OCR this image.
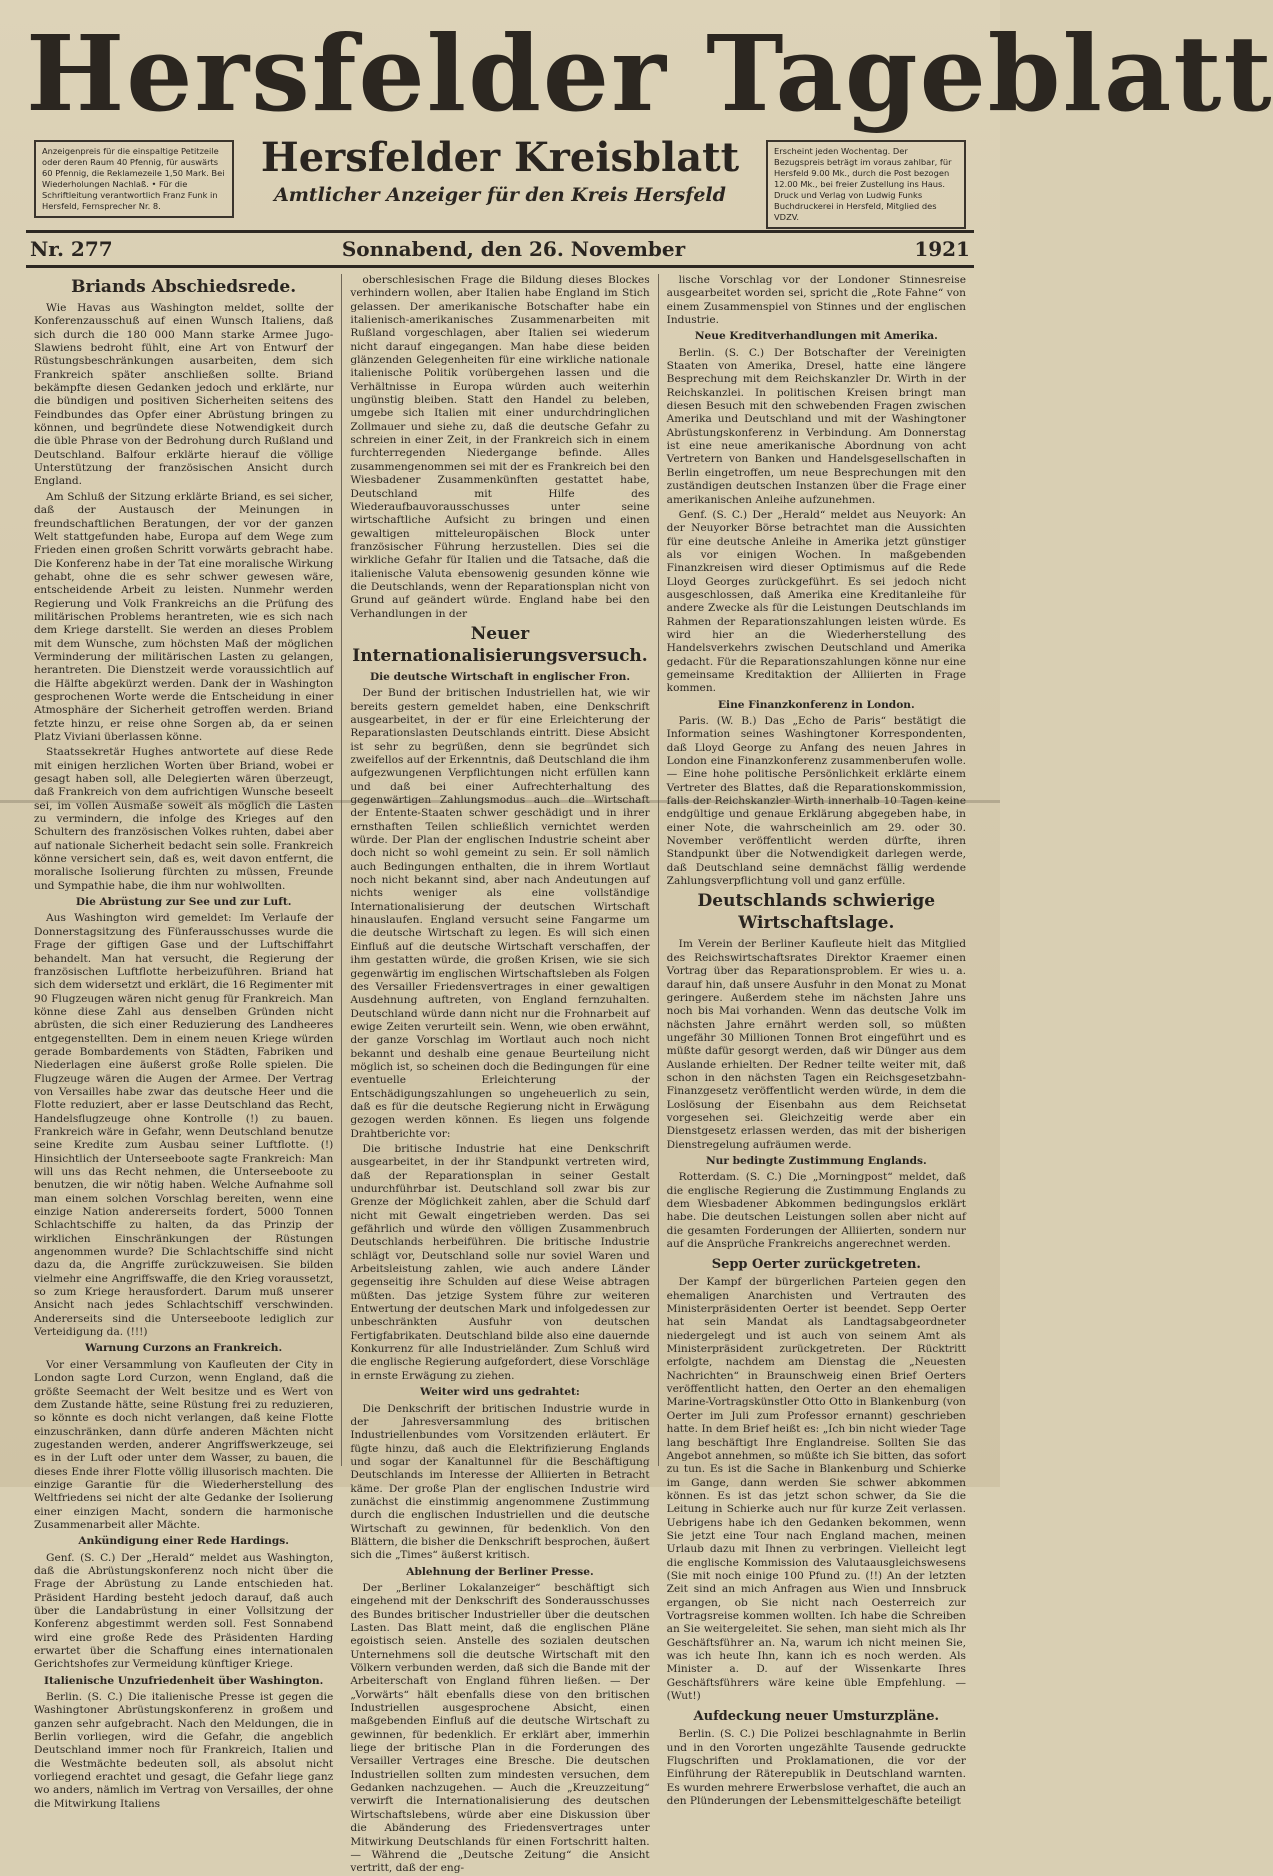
Hersfelder Tageblatt
Anzeigenpreis für die einspaltige Petitzeile oder deren Raum 40 Pfennig, für auswärts 60 Pfennig, die Reklamezeile 1,50 Mark. Bei Wiederholungen Nachlaß. • Für die Schriftleitung verantwortlich Franz Funk in Hersfeld, Fernsprecher Nr. 8.
Hersfelder Kreisblatt
Amtlicher Anzeiger für den Kreis Hersfeld
Erscheint jeden Wochentag. Der Bezugspreis beträgt im voraus zahlbar, für Hersfeld 9.00 Mk., durch die Post bezogen 12.00 Mk., bei freier Zustellung ins Haus. Druck und Verlag von Ludwig Funks Buchdruckerei in Hersfeld, Mitglied des VDZV.
Nr. 277	Sonnabend, den 26. November	1921
Briands Abschiedsrede.

Wie Havas aus Washington meldet, sollte der Konferenzausschuß auf einen Wunsch Italiens, daß sich durch die 180 000 Mann starke Armee Jugo-Slawiens bedroht fühlt, eine Art von Entwurf der Rüstungsbeschränkungen ausarbeiten, dem sich Frankreich später anschließen sollte. Briand bekämpfte diesen Gedanken jedoch und erklärte, nur die bündigen und positiven Sicherheiten seitens des Feindbundes das Opfer einer Abrüstung bringen zu können, und begründete diese Notwendigkeit durch die üble Phrase von der Bedrohung durch Rußland und Deutschland. Balfour erklärte hierauf die völlige Unterstützung der französischen Ansicht durch England.

Am Schluß der Sitzung erklärte Briand, es sei sicher, daß der Austausch der Meinungen in freundschaftlichen Beratungen, der vor der ganzen Welt stattgefunden habe, Europa auf dem Wege zum Frieden einen großen Schritt vorwärts gebracht habe. Die Konferenz habe in der Tat eine moralische Wirkung gehabt, ohne die es sehr schwer gewesen wäre, entscheidende Arbeit zu leisten. Nunmehr werden Regierung und Volk Frankreichs an die Prüfung des militärischen Problems herantreten, wie es sich nach dem Kriege darstellt. Sie werden an dieses Problem mit dem Wunsche, zum höchsten Maß der möglichen Verminderung der militärischen Lasten zu gelangen, herantreten. Die Dienstzeit werde voraussichtlich auf die Hälfte abgekürzt werden. Dank der in Washington gesprochenen Worte werde die Entscheidung in einer Atmosphäre der Sicherheit getroffen werden. Briand fetzte hinzu, er reise ohne Sorgen ab, da er seinen Platz Viviani überlassen könne.

Staatssekretär Hughes antwortete auf diese Rede mit einigen herzlichen Worten über Briand, wobei er gesagt haben soll, alle Delegierten wären überzeugt, daß Frankreich von dem aufrichtigen Wunsche beseelt sei, im vollen Ausmaße soweit als möglich die Lasten zu vermindern, die infolge des Krieges auf den Schultern des französischen Volkes ruhten, dabei aber auf nationale Sicherheit bedacht sein solle. Frankreich könne versichert sein, daß es, weit davon entfernt, die moralische Isolierung fürchten zu müssen, Freunde und Sympathie habe, die ihm nur wohlwollten.

Die Abrüstung zur See und zur Luft.

Aus Washington wird gemeldet: Im Verlaufe der Donnerstagsitzung des Fünferausschusses wurde die Frage der giftigen Gase und der Luftschiffahrt behandelt. Man hat versucht, die Regierung der französischen Luftflotte herbeizuführen. Briand hat sich dem widersetzt und erklärt, die 16 Regimenter mit 90 Flugzeugen wären nicht genug für Frankreich. Man könne diese Zahl aus denselben Gründen nicht abrüsten, die sich einer Reduzierung des Landheeres entgegenstellten. Dem in einem neuen Kriege würden gerade Bombardements von Städten, Fabriken und Niederlagen eine äußerst große Rolle spielen. Die Flugzeuge wären die Augen der Armee. Der Vertrag von Versailles habe zwar das deutsche Heer und die Flotte reduziert, aber er lasse Deutschland das Recht, Handelsflugzeuge ohne Kontrolle (!) zu bauen. Frankreich wäre in Gefahr, wenn Deutschland benutze seine Kredite zum Ausbau seiner Luftflotte. (!) Hinsichtlich der Unterseeboote sagte Frankreich: Man will uns das Recht nehmen, die Unterseeboote zu benutzen, die wir nötig haben. Welche Aufnahme soll man einem solchen Vorschlag bereiten, wenn eine einzige Nation andererseits fordert, 5000 Tonnen Schlachtschiffe zu halten, da das Prinzip der wirklichen Einschränkungen der Rüstungen angenommen wurde? Die Schlachtschiffe sind nicht dazu da, die Angriffe zurückzuweisen. Sie bilden vielmehr eine Angriffswaffe, die den Krieg voraussetzt, so zum Kriege herausfordert. Darum muß unserer Ansicht nach jedes Schlachtschiff verschwinden. Andererseits sind die Unterseeboote lediglich zur Verteidigung da. (!!!)

Warnung Curzons an Frankreich.

Vor einer Versammlung von Kaufleuten der City in London sagte Lord Curzon, wenn England, daß die größte Seemacht der Welt besitze und es Wert von dem Zustande hätte, seine Rüstung frei zu reduzieren, so könnte es doch nicht verlangen, daß keine Flotte einzuschränken, dann dürfe anderen Mächten nicht zugestanden werden, anderer Angriffswerkzeuge, sei es in der Luft oder unter dem Wasser, zu bauen, die dieses Ende ihrer Flotte völlig illusorisch machten. Die einzige Garantie für die Wiederherstellung des Weltfriedens sei nicht der alte Gedanke der Isolierung einer einzigen Macht, sondern die harmonische Zusammenarbeit aller Mächte.

Ankündigung einer Rede Hardings.

Genf. (S. C.) Der „Herald“ meldet aus Washington, daß die Abrüstungskonferenz noch nicht über die Frage der Abrüstung zu Lande entschieden hat. Präsident Harding besteht jedoch darauf, daß auch über die Landabrüstung in einer Vollsitzung der Konferenz abgestimmt werden soll. Fest Sonnabend wird eine große Rede des Präsidenten Harding erwartet über die Schaffung eines internationalen Gerichtshofes zur Vermeidung künftiger Kriege.

Italienische Unzufriedenheit über Washington.

Berlin. (S. C.) Die italienische Presse ist gegen die Washingtoner Abrüstungskonferenz in großem und ganzen sehr aufgebracht. Nach den Meldungen, die in Berlin vorliegen, wird die Gefahr, die angeblich Deutschland immer noch für Frankreich, Italien und die Westmächte bedeuten soll, als absolut nicht vorliegend erachtet und gesagt, die Gefahr liege ganz wo anders, nämlich im Vertrag von Versailles, der ohne die Mitwirkung Italiens

oberschlesischen Frage die Bildung dieses Blockes verhindern wollen, aber Italien habe England im Stich gelassen. Der amerikanische Botschafter habe ein italienisch-amerikanisches Zusammenarbeiten mit Rußland vorgeschlagen, aber Italien sei wiederum nicht darauf eingegangen. Man habe diese beiden glänzenden Gelegenheiten für eine wirkliche nationale italienische Politik vorübergehen lassen und die Verhältnisse in Europa würden auch weiterhin ungünstig bleiben. Statt den Handel zu beleben, umgebe sich Italien mit einer undurchdringlichen Zollmauer und siehe zu, daß die deutsche Gefahr zu schreien in einer Zeit, in der Frankreich sich in einem furchterregenden Niedergange befinde. Alles zusammengenommen sei mit der es Frankreich bei den Wiesbadener Zusammenkünften gestattet habe, Deutschland mit Hilfe des Wiederaufbauvorausschusses unter seine wirtschaftliche Aufsicht zu bringen und einen gewaltigen mitteleuropäischen Block unter französischer Führung herzustellen. Dies sei die wirkliche Gefahr für Italien und die Tatsache, daß die italienische Valuta ebensowenig gesunden könne wie die Deutschlands, wenn der Reparationsplan nicht von Grund auf geändert würde. England habe bei den Verhandlungen in der

Neuer Internationalisierungsversuch.
Die deutsche Wirtschaft in englischer Fron.

Der Bund der britischen Industriellen hat, wie wir bereits gestern gemeldet haben, eine Denkschrift ausgearbeitet, in der er für eine Erleichterung der Reparationslasten Deutschlands eintritt. Diese Absicht ist sehr zu begrüßen, denn sie begründet sich zweifellos auf der Erkenntnis, daß Deutschland die ihm aufgezwungenen Verpflichtungen nicht erfüllen kann und daß bei einer Aufrechterhaltung des gegenwärtigen Zahlungsmodus auch die Wirtschaft der Entente-Staaten schwer geschädigt und in ihrer ernsthaften Teilen schließlich vernichtet werden würde. Der Plan der englischen Industrie scheint aber doch nicht so wohl gemeint zu sein. Er soll nämlich auch Bedingungen enthalten, die in ihrem Wortlaut noch nicht bekannt sind, aber nach Andeutungen auf nichts weniger als eine vollständige Internationalisierung der deutschen Wirtschaft hinauslaufen. England versucht seine Fangarme um die deutsche Wirtschaft zu legen. Es will sich einen Einfluß auf die deutsche Wirtschaft verschaffen, der ihm gestatten würde, die großen Krisen, wie sie sich gegenwärtig im englischen Wirtschaftsleben als Folgen des Versailler Friedensvertrages in einer gewaltigen Ausdehnung auftreten, von England fernzuhalten. Deutschland würde dann nicht nur die Frohnarbeit auf ewige Zeiten verurteilt sein. Wenn, wie oben erwähnt, der ganze Vorschlag im Wortlaut auch noch nicht bekannt und deshalb eine genaue Beurteilung nicht möglich ist, so scheinen doch die Bedingungen für eine eventuelle Erleichterung der Entschädigungszahlungen so ungeheuerlich zu sein, daß es für die deutsche Regierung nicht in Erwägung gezogen werden können. Es liegen uns folgende Drahtberichte vor:

Die britische Industrie hat eine Denkschrift ausgearbeitet, in der ihr Standpunkt vertreten wird, daß der Reparationsplan in seiner Gestalt undurchführbar ist. Deutschland soll zwar bis zur Grenze der Möglichkeit zahlen, aber die Schuld darf nicht mit Gewalt eingetrieben werden. Das sei gefährlich und würde den völligen Zusammenbruch Deutschlands herbeiführen. Die britische Industrie schlägt vor, Deutschland solle nur soviel Waren und Arbeitsleistung zahlen, wie auch andere Länder gegenseitig ihre Schulden auf diese Weise abtragen müßten. Das jetzige System führe zur weiteren Entwertung der deutschen Mark und infolgedessen zur unbeschränkten Ausfuhr von deutschen Fertigfabrikaten. Deutschland bilde also eine dauernde Konkurrenz für alle Industrieländer. Zum Schluß wird die englische Regierung aufgefordert, diese Vorschläge in ernste Erwägung zu ziehen.

Weiter wird uns gedrahtet:

Die Denkschrift der britischen Industrie wurde in der Jahresversammlung des britischen Industriellenbundes vom Vorsitzenden erläutert. Er fügte hinzu, daß auch die Elektrifizierung Englands und sogar der Kanaltunnel für die Beschäftigung Deutschlands im Interesse der Alliierten in Betracht käme. Der große Plan der englischen Industrie wird zunächst die einstimmig angenommene Zustimmung durch die englischen Industriellen und die deutsche Wirtschaft zu gewinnen, für bedenklich. Von den Blättern, die bisher die Denkschrift besprochen, äußert sich die „Times“ äußerst kritisch.

Ablehnung der Berliner Presse.

Der „Berliner Lokalanzeiger“ beschäftigt sich eingehend mit der Denkschrift des Sonderausschusses des Bundes britischer Industrieller über die deutschen Lasten. Das Blatt meint, daß die englischen Pläne egoistisch seien. Anstelle des sozialen deutschen Unternehmens soll die deutsche Wirtschaft mit den Völkern verbunden werden, daß sich die Bande mit der Arbeiterschaft von England führen ließen. — Der „Vorwärts“ hält ebenfalls diese von den britischen Industriellen ausgesprochene Absicht, einen maßgebenden Einfluß auf die deutsche Wirtschaft zu gewinnen, für bedenklich. Er erklärt aber, immerhin liege der britische Plan in die Forderungen des Versailler Vertrages eine Bresche. Die deutschen Industriellen sollten zum mindesten versuchen, dem Gedanken nachzugehen. — Auch die „Kreuzzeitung“ verwirft die Internationalisierung des deutschen Wirtschaftslebens, würde aber eine Diskussion über die Abänderung des Friedensvertrages unter Mitwirkung Deutschlands für einen Fortschritt halten. — Während die „Deutsche Zeitung“ die Ansicht vertritt, daß der eng-

lische Vorschlag vor der Londoner Stinnesreise ausgearbeitet worden sei, spricht die „Rote Fahne“ von einem Zusammenspiel von Stinnes und der englischen Industrie.

Neue Kreditverhandlungen mit Amerika.

Berlin. (S. C.) Der Botschafter der Vereinigten Staaten von Amerika, Dresel, hatte eine längere Besprechung mit dem Reichskanzler Dr. Wirth in der Reichskanzlei. In politischen Kreisen bringt man diesen Besuch mit den schwebenden Fragen zwischen Amerika und Deutschland und mit der Washingtoner Abrüstungskonferenz in Verbindung. Am Donnerstag ist eine neue amerikanische Abordnung von acht Vertretern von Banken und Handelsgesellschaften in Berlin eingetroffen, um neue Besprechungen mit den zuständigen deutschen Instanzen über die Frage einer amerikanischen Anleihe aufzunehmen.

Genf. (S. C.) Der „Herald“ meldet aus Neuyork: An der Neuyorker Börse betrachtet man die Aussichten für eine deutsche Anleihe in Amerika jetzt günstiger als vor einigen Wochen. In maßgebenden Finanzkreisen wird dieser Optimismus auf die Rede Lloyd Georges zurückgeführt. Es sei jedoch nicht ausgeschlossen, daß Amerika eine Kreditanleihe für andere Zwecke als für die Leistungen Deutschlands im Rahmen der Reparationszahlungen leisten würde. Es wird hier an die Wiederherstellung des Handelsverkehrs zwischen Deutschland und Amerika gedacht. Für die Reparationszahlungen könne nur eine gemeinsame Kreditaktion der Alliierten in Frage kommen.

Eine Finanzkonferenz in London.

Paris. (W. B.) Das „Echo de Paris“ bestätigt die Information seines Washingtoner Korrespondenten, daß Lloyd George zu Anfang des neuen Jahres in London eine Finanzkonferenz zusammenberufen wolle. — Eine hohe politische Persönlichkeit erklärte einem Vertreter des Blattes, daß die Reparationskommission, falls der Reichskanzler Wirth innerhalb 10 Tagen keine endgültige und genaue Erklärung abgegeben habe, in einer Note, die wahrscheinlich am 29. oder 30. November veröffentlicht werden dürfte, ihren Standpunkt über die Notwendigkeit darlegen werde, daß Deutschland seine demnächst fällig werdende Zahlungsverpflichtung voll und ganz erfülle.

Deutschlands schwierige Wirtschaftslage.

Im Verein der Berliner Kaufleute hielt das Mitglied des Reichswirtschaftsrates Direktor Kraemer einen Vortrag über das Reparationsproblem. Er wies u. a. darauf hin, daß unsere Ausfuhr in den Monat zu Monat geringere. Außerdem stehe im nächsten Jahre uns noch bis Mai vorhanden. Wenn das deutsche Volk im nächsten Jahre ernährt werden soll, so müßten ungefähr 30 Millionen Tonnen Brot eingeführt und es müßte dafür gesorgt werden, daß wir Dünger aus dem Auslande erhielten. Der Redner teilte weiter mit, daß schon in den nächsten Tagen ein Reichsgesetzbahn-Finanzgesetz veröffentlicht werden würde, in dem die Loslösung der Eisenbahn aus dem Reichsetat vorgesehen sei. Gleichzeitig werde aber ein Dienstgesetz erlassen werden, das mit der bisherigen Dienstregelung aufräumen werde.

Nur bedingte Zustimmung Englands.

Rotterdam. (S. C.) Die „Morningpost“ meldet, daß die englische Regierung die Zustimmung Englands zu dem Wiesbadener Abkommen bedingungslos erklärt habe. Die deutschen Leistungen sollen aber nicht auf die gesamten Forderungen der Alliierten, sondern nur auf die Ansprüche Frankreichs angerechnet werden.

Sepp Oerter zurückgetreten.

Der Kampf der bürgerlichen Parteien gegen den ehemaligen Anarchisten und Vertrauten des Ministerpräsidenten Oerter ist beendet. Sepp Oerter hat sein Mandat als Landtagsabgeordneter niedergelegt und ist auch von seinem Amt als Ministerpräsident zurückgetreten. Der Rücktritt erfolgte, nachdem am Dienstag die „Neuesten Nachrichten“ in Braunschweig einen Brief Oerters veröffentlicht hatten, den Oerter an den ehemaligen Marine-Vortragskünstler Otto Otto in Blankenburg (von Oerter im Juli zum Professor ernannt) geschrieben hatte. In dem Brief heißt es: „Ich bin nicht wieder Tage lang beschäftigt Ihre Englandreise. Sollten Sie das Angebot annehmen, so müßte ich Sie bitten, das sofort zu tun. Es ist die Sache in Blankenburg und Schierke im Gange, dann werden Sie schwer abkommen können. Es ist das jetzt schon schwer, da Sie die Leitung in Schierke auch nur für kurze Zeit verlassen. Uebrigens habe ich den Gedanken bekommen, wenn Sie jetzt eine Tour nach England machen, meinen Urlaub dazu mit Ihnen zu verbringen. Vielleicht legt die englische Kommission des Valutaausgleichswesens (Sie mit noch einige 100 Pfund zu. (!!) An der letzten Zeit sind an mich Anfragen aus Wien und Innsbruck ergangen, ob Sie nicht nach Oesterreich zur Vortragsreise kommen wollten. Ich habe die Schreiben an Sie weitergeleitet. Sie sehen, man sieht mich als Ihr Geschäftsführer an. Na, warum ich nicht meinen Sie, was ich heute Ihn, kann ich es noch werden. Als Minister a. D. auf der Wissenkarte Ihres Geschäftsführers wäre keine üble Empfehlung. — (Wut!)

Aufdeckung neuer Umsturzpläne.

Berlin. (S. C.) Die Polizei beschlagnahmte in Berlin und in den Vororten ungezählte Tausende gedruckte Flugschriften und Proklamationen, die vor der Einführung der Räterepublik in Deutschland warnten. Es wurden mehrere Erwerbslose verhaftet, die auch an den Plünderungen der Lebensmittelgeschäfte beteiligt
